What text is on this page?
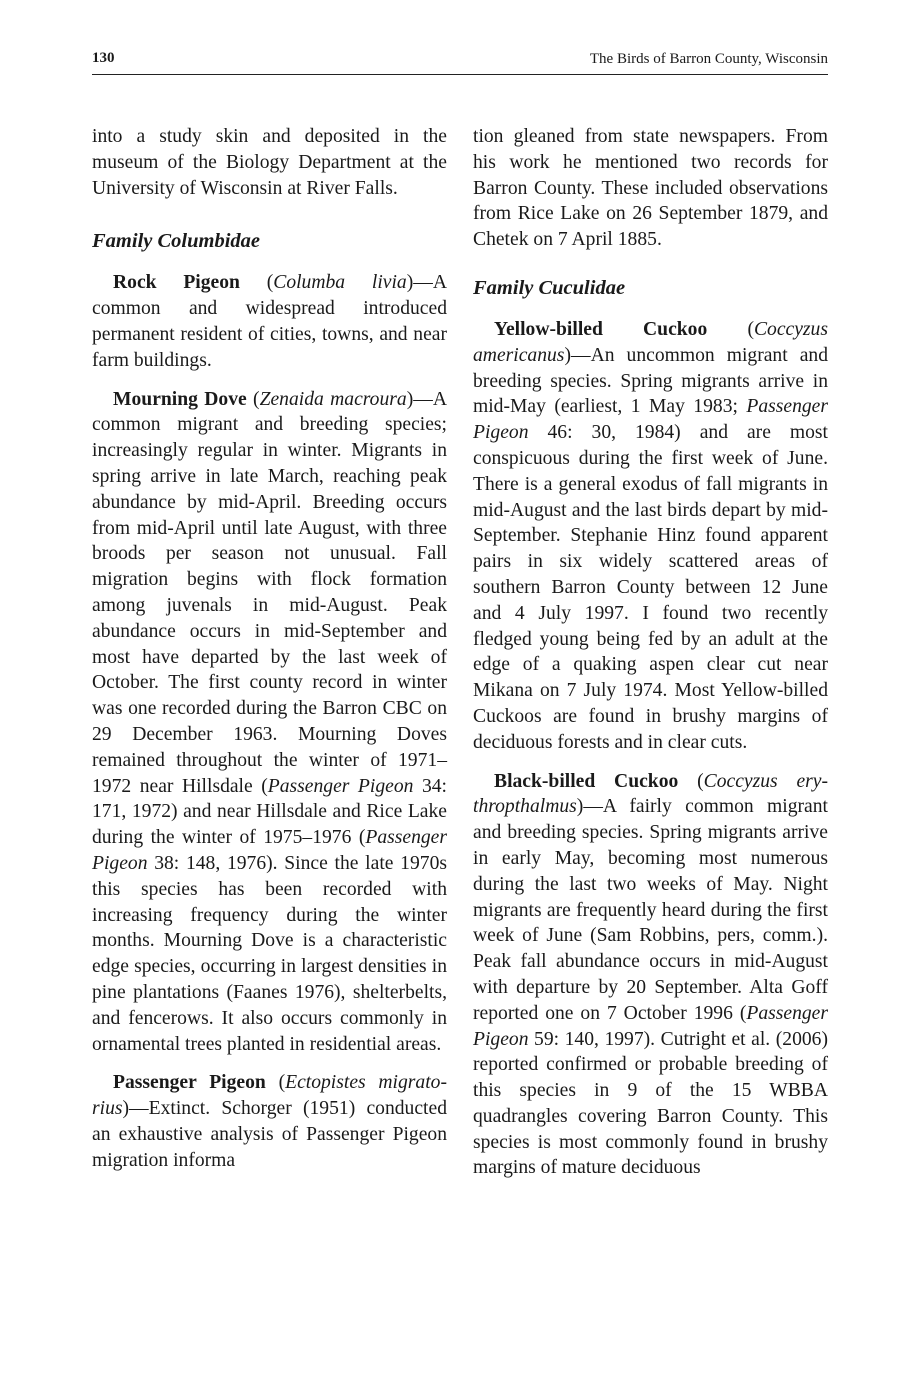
130	The Birds of Barron County, Wisconsin

into a study skin and deposited in the museum of the Biology Department at the University of Wisconsin at River Falls.

Family Columbidae

Rock Pigeon (Columba livia)—A common and widespread introduced permanent resident of cities, towns, and near farm buildings.

Mourning Dove (Zenaida macroura)—A common migrant and breeding species; increasingly regular in winter. Migrants in spring arrive in late March, reaching peak abundance by mid-April. Breeding occurs from mid-April until late August, with three broods per season not unusual. Fall migration begins with flock formation among juvenals in mid-August. Peak abundance occurs in mid-September and most have departed by the last week of October. The first county record in winter was one recorded during the Barron CBC on 29 December 1963. Mourning Doves remained throughout the winter of 1971–1972 near Hillsdale (Passenger Pigeon 34: 171, 1972) and near Hillsdale and Rice Lake during the winter of 1975–1976 (Passenger Pigeon 38: 148, 1976). Since the late 1970s this species has been recorded with increasing frequency during the winter months. Mourning Dove is a characteristic edge species, occurring in largest densities in pine plantations (Faanes 1976), shelterbelts, and fencerows. It also occurs commonly in ornamental trees planted in residential areas.

Passenger Pigeon (Ectopistes migratorius)—Extinct. Schorger (1951) conducted an exhaustive analysis of Passenger Pigeon migration informa

tion gleaned from state newspapers. From his work he mentioned two records for Barron County. These included observations from Rice Lake on 26 September 1879, and Chetek on 7 April 1885.

Family Cuculidae

Yellow-billed Cuckoo (Coccyzus americanus)—An uncommon migrant and breeding species. Spring migrants arrive in mid-May (earliest, 1 May 1983; Passenger Pigeon 46: 30, 1984) and are most conspicuous during the first week of June. There is a general exodus of fall migrants in mid-August and the last birds depart by mid-September. Stephanie Hinz found apparent pairs in six widely scattered areas of southern Barron County between 12 June and 4 July 1997. I found two recently fledged young being fed by an adult at the edge of a quaking aspen clear cut near Mikana on 7 July 1974. Most Yellow-billed Cuckoos are found in brushy margins of deciduous forests and in clear cuts.

Black-billed Cuckoo (Coccyzus erythropthalmus)—A fairly common migrant and breeding species. Spring migrants arrive in early May, becoming most numerous during the last two weeks of May. Night migrants are frequently heard during the first week of June (Sam Robbins, pers, comm.). Peak fall abundance occurs in mid-August with departure by 20 September. Alta Goff reported one on 7 October 1996 (Passenger Pigeon 59: 140, 1997). Cutright et al. (2006) reported confirmed or probable breeding of this species in 9 of the 15 WBBA quadrangles covering Barron County. This species is most commonly found in brushy margins of mature deciduous
